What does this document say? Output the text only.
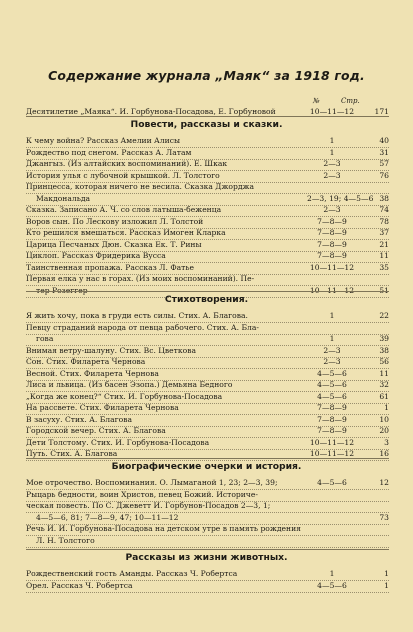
Содержание журнала „Маяк“ за 1918 год.
№	Стр.
Десятилетие „Маяка“. И. Горбунова-Посадова, Е. Горбуновой	10—11—12	171
Повести, рассказы и сказки.
К чему война? Рассказ Амелии Алисы	1	40
Рождество под снегом. Рассказ А. Латам	1	31
Джангыз. (Из алтайских воспоминаний). Е. Шкак	2—3	57
История улья с лубочной крышкой. Л. Толстого	2—3	76
Принцесса, которая ничего не весила. Сказка Джорджа
Макдональда	2—3, 19; 4—5—6 38
Сказка. Записано А. Ч. со слов латыша-беженца	2—3	74
Воров сын. По Лескову изложил Л. Толстой	7—8—9	78
Кто решился вмешаться. Рассказ Имоген Кларка	7—8—9	37
Царица Песчаных Дюн. Сказка Ек. Т. Рины	7—8—9	21
Циклоп. Рассказ Фридерика Вусса	7—8—9	11
Таинственная пропажа. Рассказ Л. Фатье	10—11—12	35
Первая елка у нас в горах. (Из моих воспоминаний). Пе-
тер Розеггер	10—11—12	51
Стихотворения.
Я жить хочу, пока в груди есть силы. Стих. А. Благова.	1	22
Певцу страданий народа от певца рабочего. Стих. А. Бла-
гова	1	39
Внимая ветру-шалуну. Стих. Вс. Цветкова	2—3	38
Сон. Стих. Филарета Чернова	2—3	56
Весной. Стих. Филарета Чернова	4—5—6	11
Лиса и львица. (Из басен Эзопа.) Демьяна Бедного	4—5—6	32
„Когда же конец?“ Стих. И. Горбунова-Посадова	4—5—6	61
На рассвете. Стих. Филарета Чернова	7—8—9	1
В засуху. Стих. А. Благова	7—8—9	10
Городской вечер. Стих. А. Благова	7—8—9	20
Дети Толстому. Стих. И. Горбунова-Посадова	10—11—12	3
Путь. Стих. А. Благова	10—11—12	16
Биографические очерки и история.
Мое отрочество. Воспоминания. О. Лымаганой 1, 23; 2—3, 39;	4—5—6	12
Рыцарь бедности, воин Христов, певец Божий. Историче-
ческая повесть. По С. Джеветт И. Горбунов-Посадов 2—3, 1;
4—5—6, 81; 7—8—9, 47; 10—11—12	73
Речь И. И. Горбунова-Посадова на детском утре в память рождения
Л. Н. Толстого
Рассказы из жизни животных.
Рождественский гость Аманды. Рассказ Ч. Робертса	1	1
Орел. Рассказ Ч. Робертса	4—5—6	1
